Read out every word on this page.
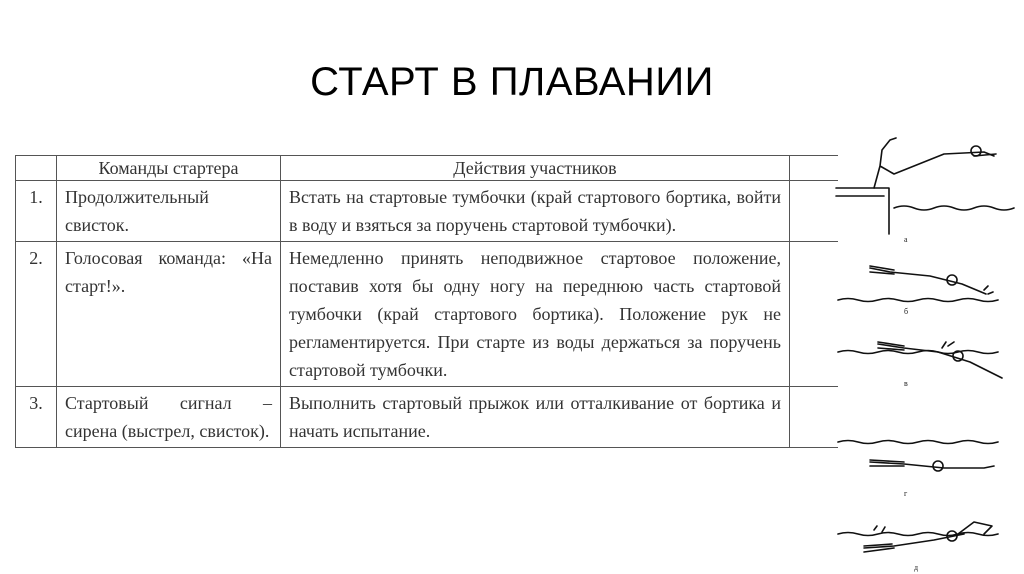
СТАРТ В ПЛАВАНИИ
	Команды стартера	Действия участников	
1.	Продолжительный свисток.	Встать на стартовые тумбочки (край стартового бортика, войти в воду и взяться за поручень стартовой тумбочки).	
2.	Голосовая команда: «На старт!».	Немедленно принять неподвижное стартовое положение, поставив хотя бы одну ногу на переднюю часть стартовой тумбочки (край стартового бортика). Положение рук не регламентируется. При старте из воды держаться за поручень стартовой тумбочки.	
3.	Стартовый сигнал – сирена (выстрел, свисток).	Выполнить стартовый прыжок или отталкивание от бортика и начать испытание.	
а
б
в
г
д
